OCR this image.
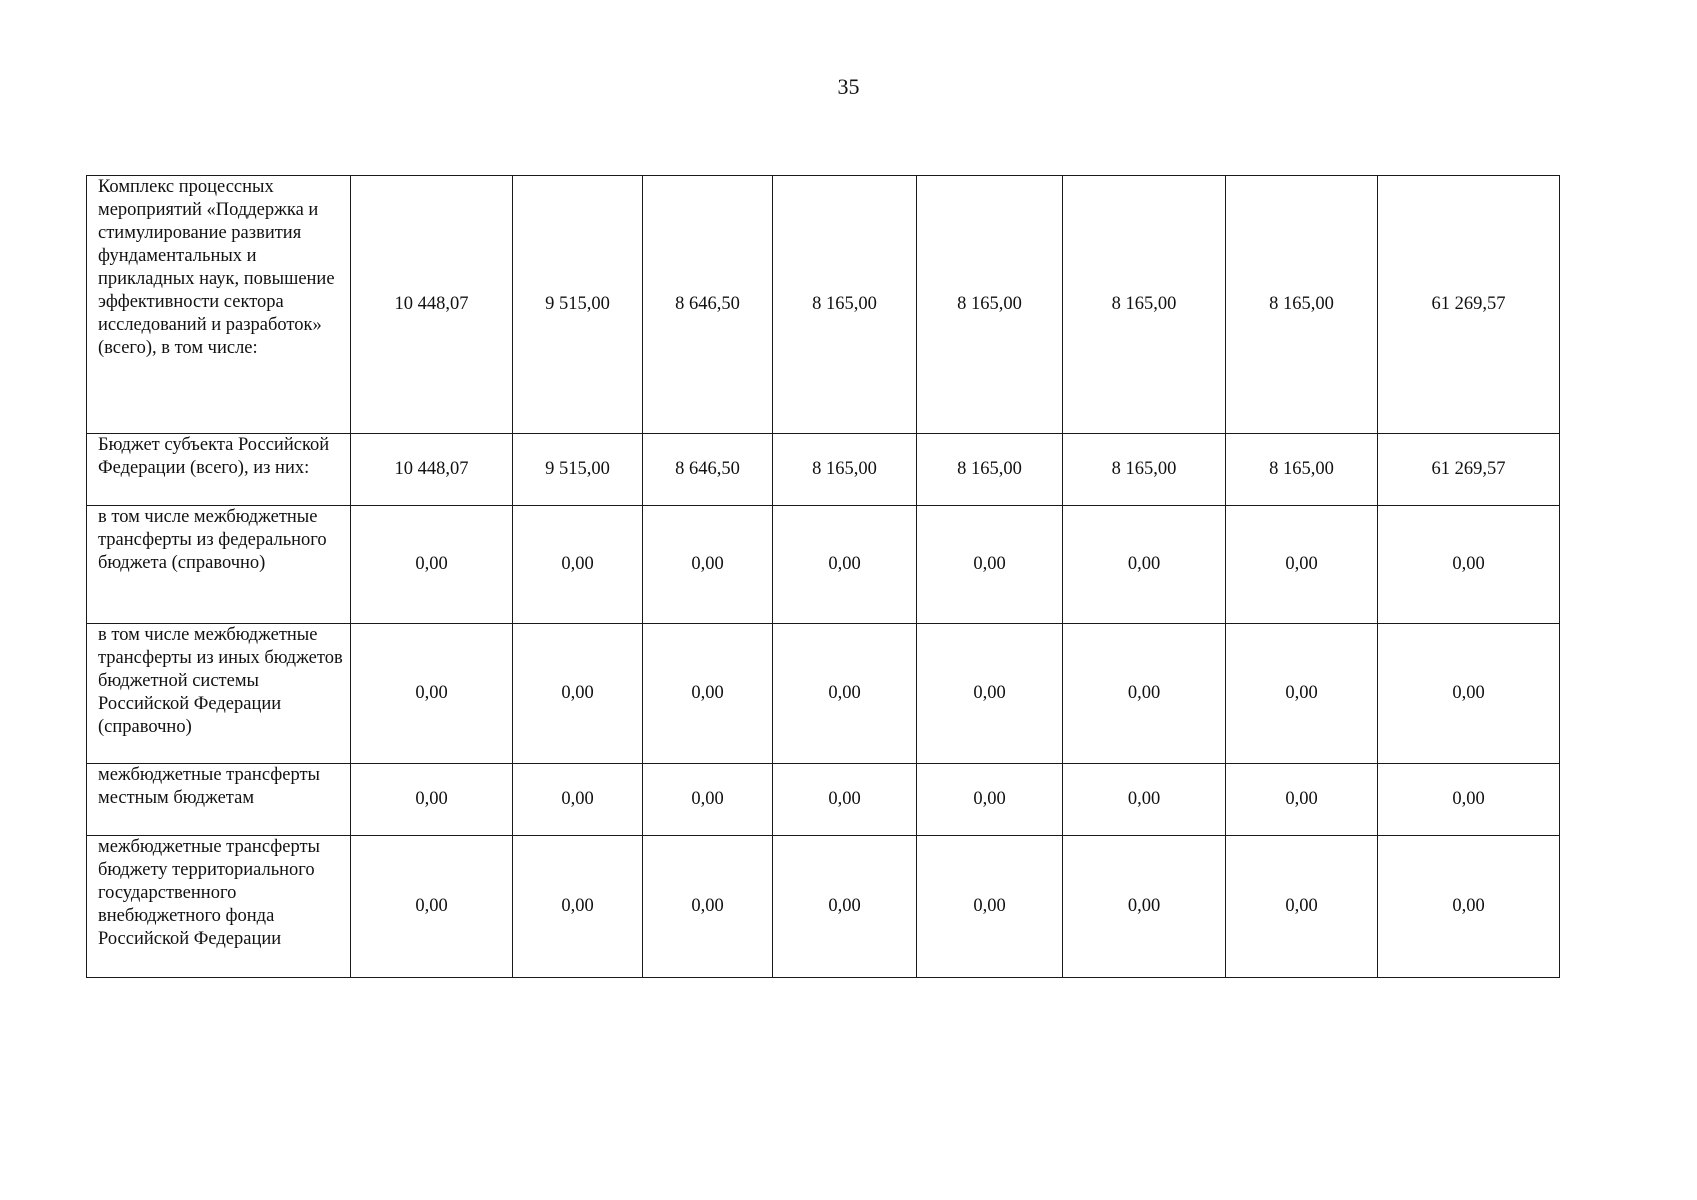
35
Комплекс процессных мероприятий «Поддержка и стимулирование развития фундаментальных и прикладных наук, повышение эффективности сектора исследований и разработок» (всего), в том числе:	10 448,07	9 515,00	8 646,50	8 165,00	8 165,00	8 165,00	8 165,00	61 269,57
Бюджет субъекта Российской Федерации (всего), из них:	10 448,07	9 515,00	8 646,50	8 165,00	8 165,00	8 165,00	8 165,00	61 269,57
в том числе межбюджетные трансферты из федерального бюджета (справочно)	0,00	0,00	0,00	0,00	0,00	0,00	0,00	0,00
в том числе межбюджетные трансферты из иных бюджетов бюджетной системы Российской Федерации (справочно)	0,00	0,00	0,00	0,00	0,00	0,00	0,00	0,00
межбюджетные трансферты местным бюджетам	0,00	0,00	0,00	0,00	0,00	0,00	0,00	0,00
межбюджетные трансферты бюджету территориального государственного внебюджетного фонда Российской Федерации	0,00	0,00	0,00	0,00	0,00	0,00	0,00	0,00
